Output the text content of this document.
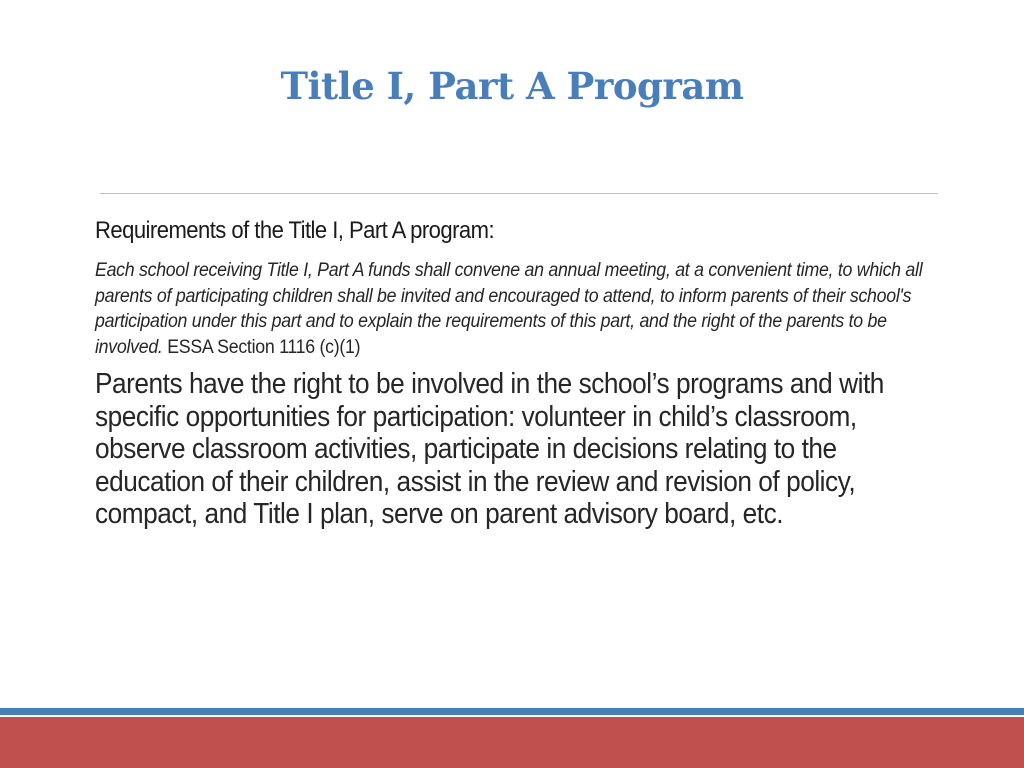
Title I, Part A Program

Requirements of the Title I, Part A program:

Each school receiving Title I, Part A funds shall convene an annual meeting, at a convenient time, to which all parents of participating children shall be invited and encouraged to attend, to inform parents of their school's participation under this part and to explain the requirements of this part, and the right of the parents to be involved. ESSA Section 1116 (c)(1)

Parents have the right to be involved in the school’s programs and with specific opportunities for participation: volunteer in child’s classroom, observe classroom activities, participate in decisions relating to the education of their children, assist in the review and revision of policy, compact, and Title I plan, serve on parent advisory board, etc.
